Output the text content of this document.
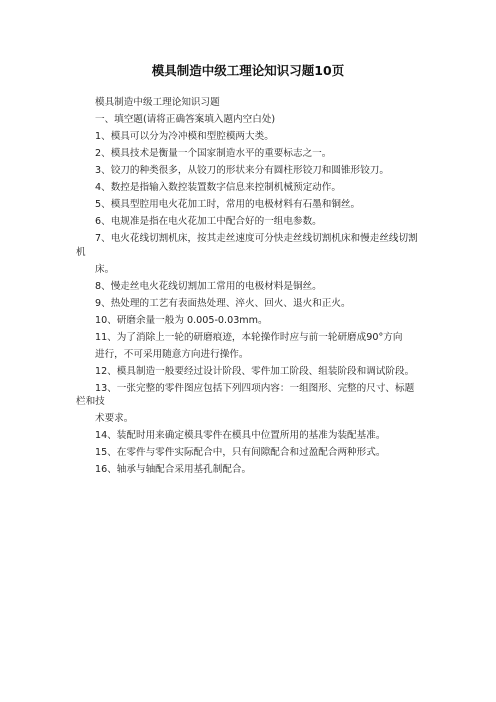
模具制造中级工理论知识习题10页

模具制造中级工理论知识习题

一、填空题(请将正确答案填入题内空白处)

1、模具可以分为冷冲模和型腔模两大类。

2、模具技术是衡量一个国家制造水平的重要标志之一。

3、铰刀的种类很多，从铰刀的形状来分有圆柱形铰刀和圆锥形铰刀。

4、数控是指输入数控装置数字信息来控制机械预定动作。

5、模具型腔用电火花加工时，常用的电极材料有石墨和铜丝。

6、电规准是指在电火花加工中配合好的一组电参数。

7、电火花线切割机床，按其走丝速度可分快走丝线切割机床和慢走丝线切割机

床。

8、慢走丝电火花线切割加工常用的电极材料是铜丝。

9、热处理的工艺有表面热处理、淬火、回火、退火和正火。

10、研磨余量一般为 0.005-0.03mm。

11、为了消除上一轮的研磨痕迹，本轮操作时应与前一轮研磨成90°方向

进行，不可采用随意方向进行操作。

12、模具制造一般要经过设计阶段、零件加工阶段、组装阶段和调试阶段。

13、一张完整的零件图应包括下列四项内容：一组图形、完整的尺寸、标题栏和技

术要求。

14、装配时用来确定模具零件在模具中位置所用的基准为装配基准。

15、在零件与零件实际配合中，只有间隙配合和过盈配合两种形式。

16、轴承与轴配合采用基孔制配合。
